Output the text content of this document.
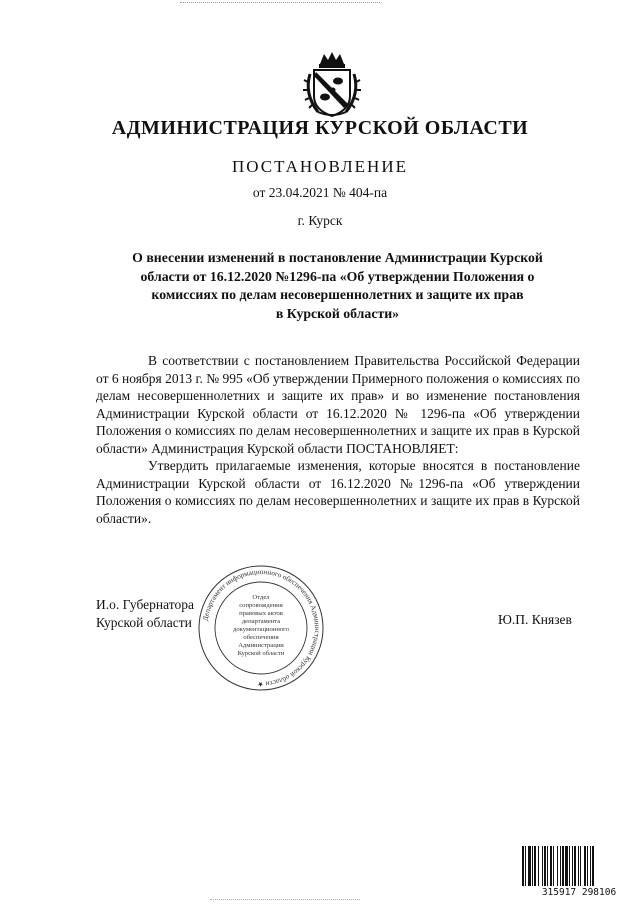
АДМИНИСТРАЦИЯ КУРСКОЙ ОБЛАСТИ
ПОСТАНОВЛЕНИЕ
от 23.04.2021 № 404-па
г. Курск
О внесении изменений в постановление Администрации Курской
области от 16.12.2020 №1296-па «Об утверждении Положения о
комиссиях по делам несовершеннолетних и защите их прав
в Курской области»

В соответствии с постановлением Правительства Российской Федерации от 6 ноября 2013 г. № 995 «Об утверждении Примерного положения о комиссиях по делам несовершеннолетних и защите их прав» и во изменение постановления Администрации Курской области от 16.12.2020 № 1296-па «Об утверждении Положения о комиссиях по делам несовершеннолетних и защите их прав в Курской области» Администрация Курской области ПОСТАНОВЛЯЕТ:

Утвердить прилагаемые изменения, которые вносятся в постановление Администрации Курской области от 16.12.2020 №1296-па «Об утверждении Положения о комиссиях по делам несовершеннолетних и защите их прав в Курской области».

И.о. Губернатора
Курской области	Департамент информационного обеспечения Администрации Курской области ★
Отдел
сопровождения
правовых актов
департамента
документационного
обеспечения
Администрации
Курской области
Ю.П. Князев
315917 298106
